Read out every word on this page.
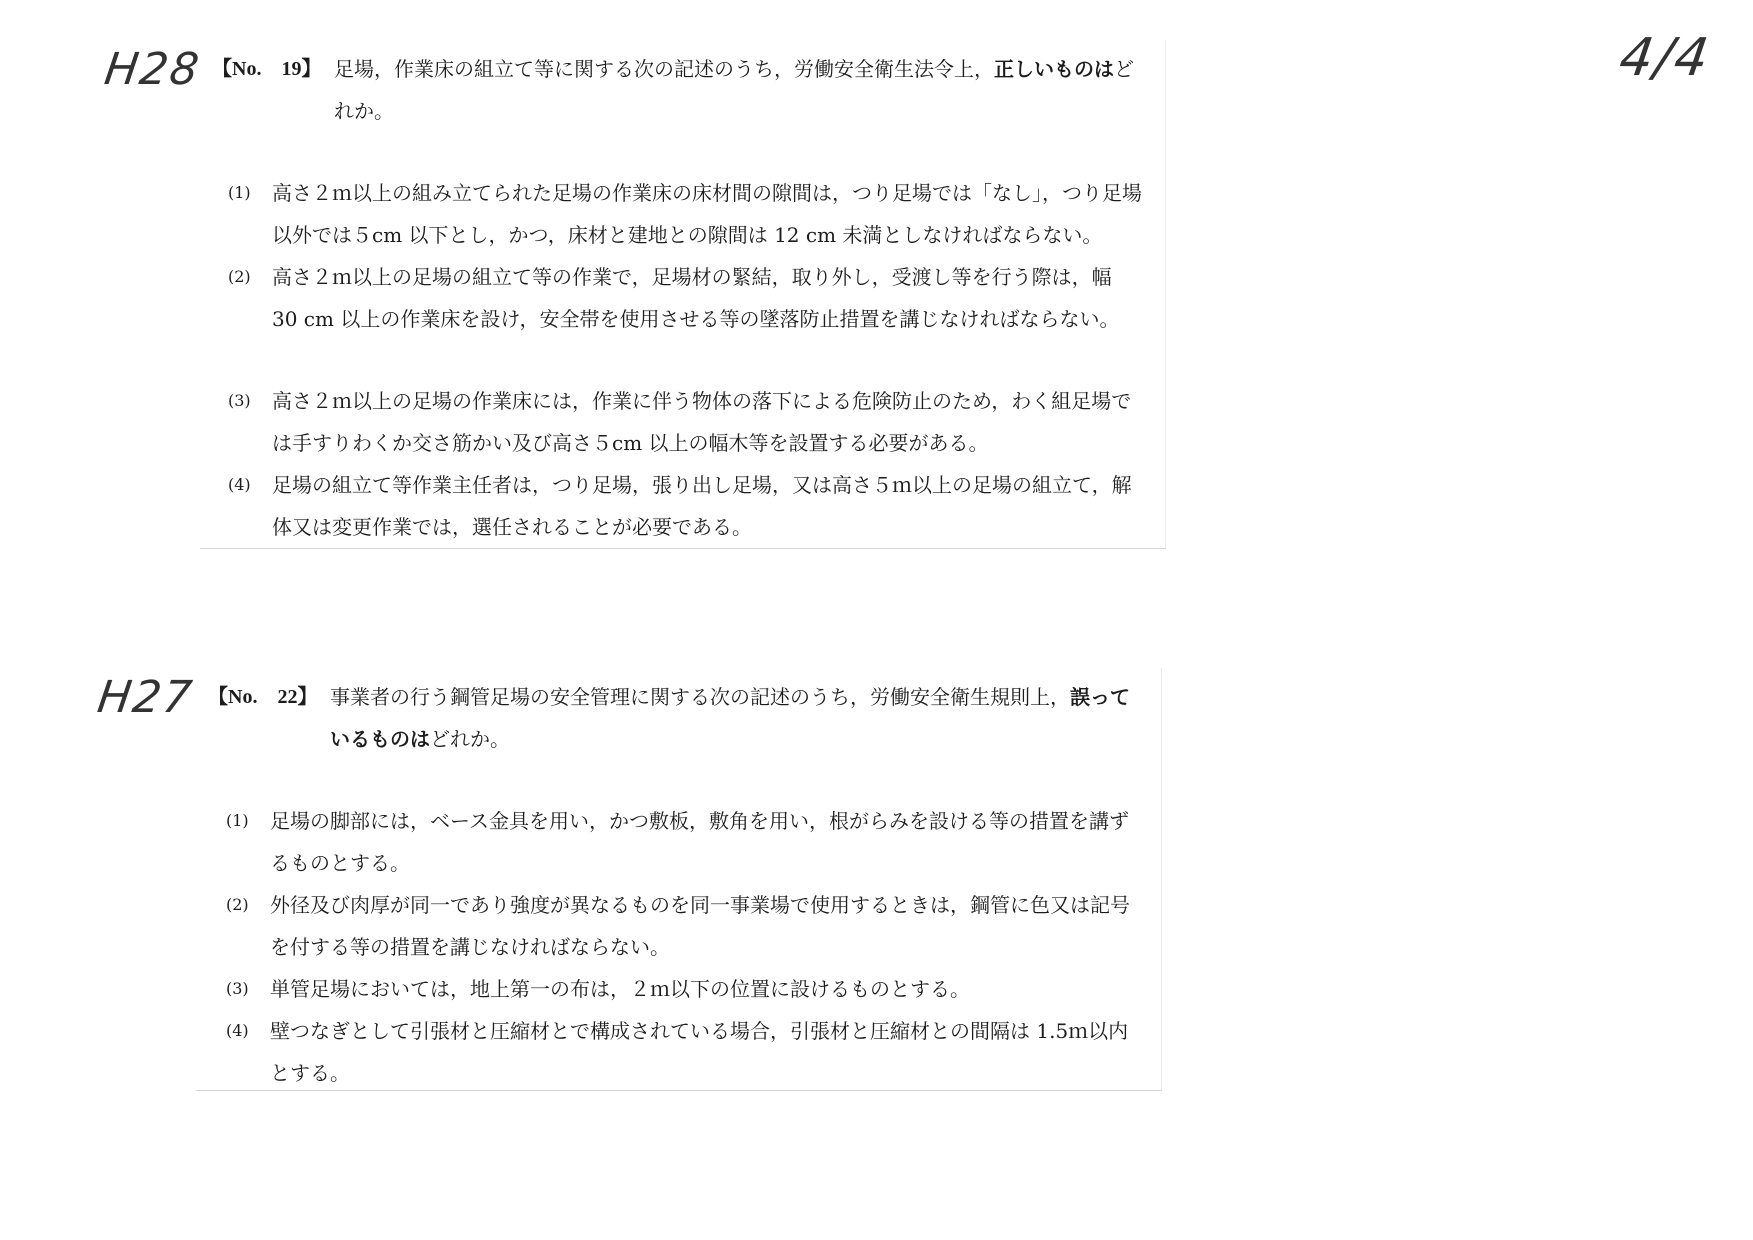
4/4
H28 【No.　19】 足場，作業床の組立て等に関する次の記述のうち，労働安全衛生法令上，正しいものはどれか。
(1) 高さ２ｍ以上の組み立てられた足場の作業床の床材間の隙間は，つり足場では「なし」，つり足場以外では５cm 以下とし，かつ，床材と建地との隙間は 12 cm 未満としなければならない。
(2) 高さ２ｍ以上の足場の組立て等の作業で，足場材の緊結，取り外し，受渡し等を行う際は，幅 30 cm 以上の作業床を設け，安全帯を使用させる等の墜落防止措置を講じなければならない。
(3) 高さ２ｍ以上の足場の作業床には，作業に伴う物体の落下による危険防止のため，わく組足場では手すりわくか交さ筋かい及び高さ５cm 以上の幅木等を設置する必要がある。
(4) 足場の組立て等作業主任者は，つり足場，張り出し足場，又は高さ５ｍ以上の足場の組立て，解体又は変更作業では，選任されることが必要である。
H27 【No.　22】 事業者の行う鋼管足場の安全管理に関する次の記述のうち，労働安全衛生規則上，誤っているものはどれか。
(1) 足場の脚部には，ベース金具を用い，かつ敷板，敷角を用い，根がらみを設ける等の措置を講ずるものとする。
(2) 外径及び肉厚が同一であり強度が異なるものを同一事業場で使用するときは，鋼管に色又は記号を付する等の措置を講じなければならない。
(3) 単管足場においては，地上第一の布は，２ｍ以下の位置に設けるものとする。
(4) 壁つなぎとして引張材と圧縮材とで構成されている場合，引張材と圧縮材との間隔は 1.5ｍ以内とする。
